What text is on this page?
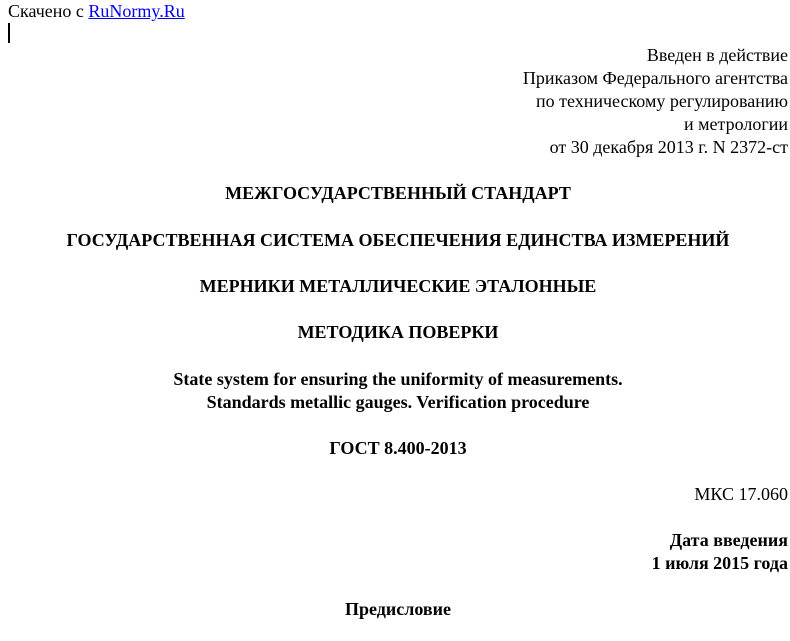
Скачено с RuNormy.Ru
Введен в действие
Приказом Федерального агентства
по техническому регулированию
и метрологии
от 30 декабря 2013 г. N 2372-ст
МЕЖГОСУДАРСТВЕННЫЙ СТАНДАРТ
ГОСУДАРСТВЕННАЯ СИСТЕМА ОБЕСПЕЧЕНИЯ ЕДИНСТВА ИЗМЕРЕНИЙ
МЕРНИКИ МЕТАЛЛИЧЕСКИЕ ЭТАЛОННЫЕ
МЕТОДИКА ПОВЕРКИ
State system for ensuring the uniformity of measurements.
Standards metallic gauges. Verification procedure
ГОСТ 8.400-2013
МКС 17.060
Дата введения
1 июля 2015 года
Предисловие
